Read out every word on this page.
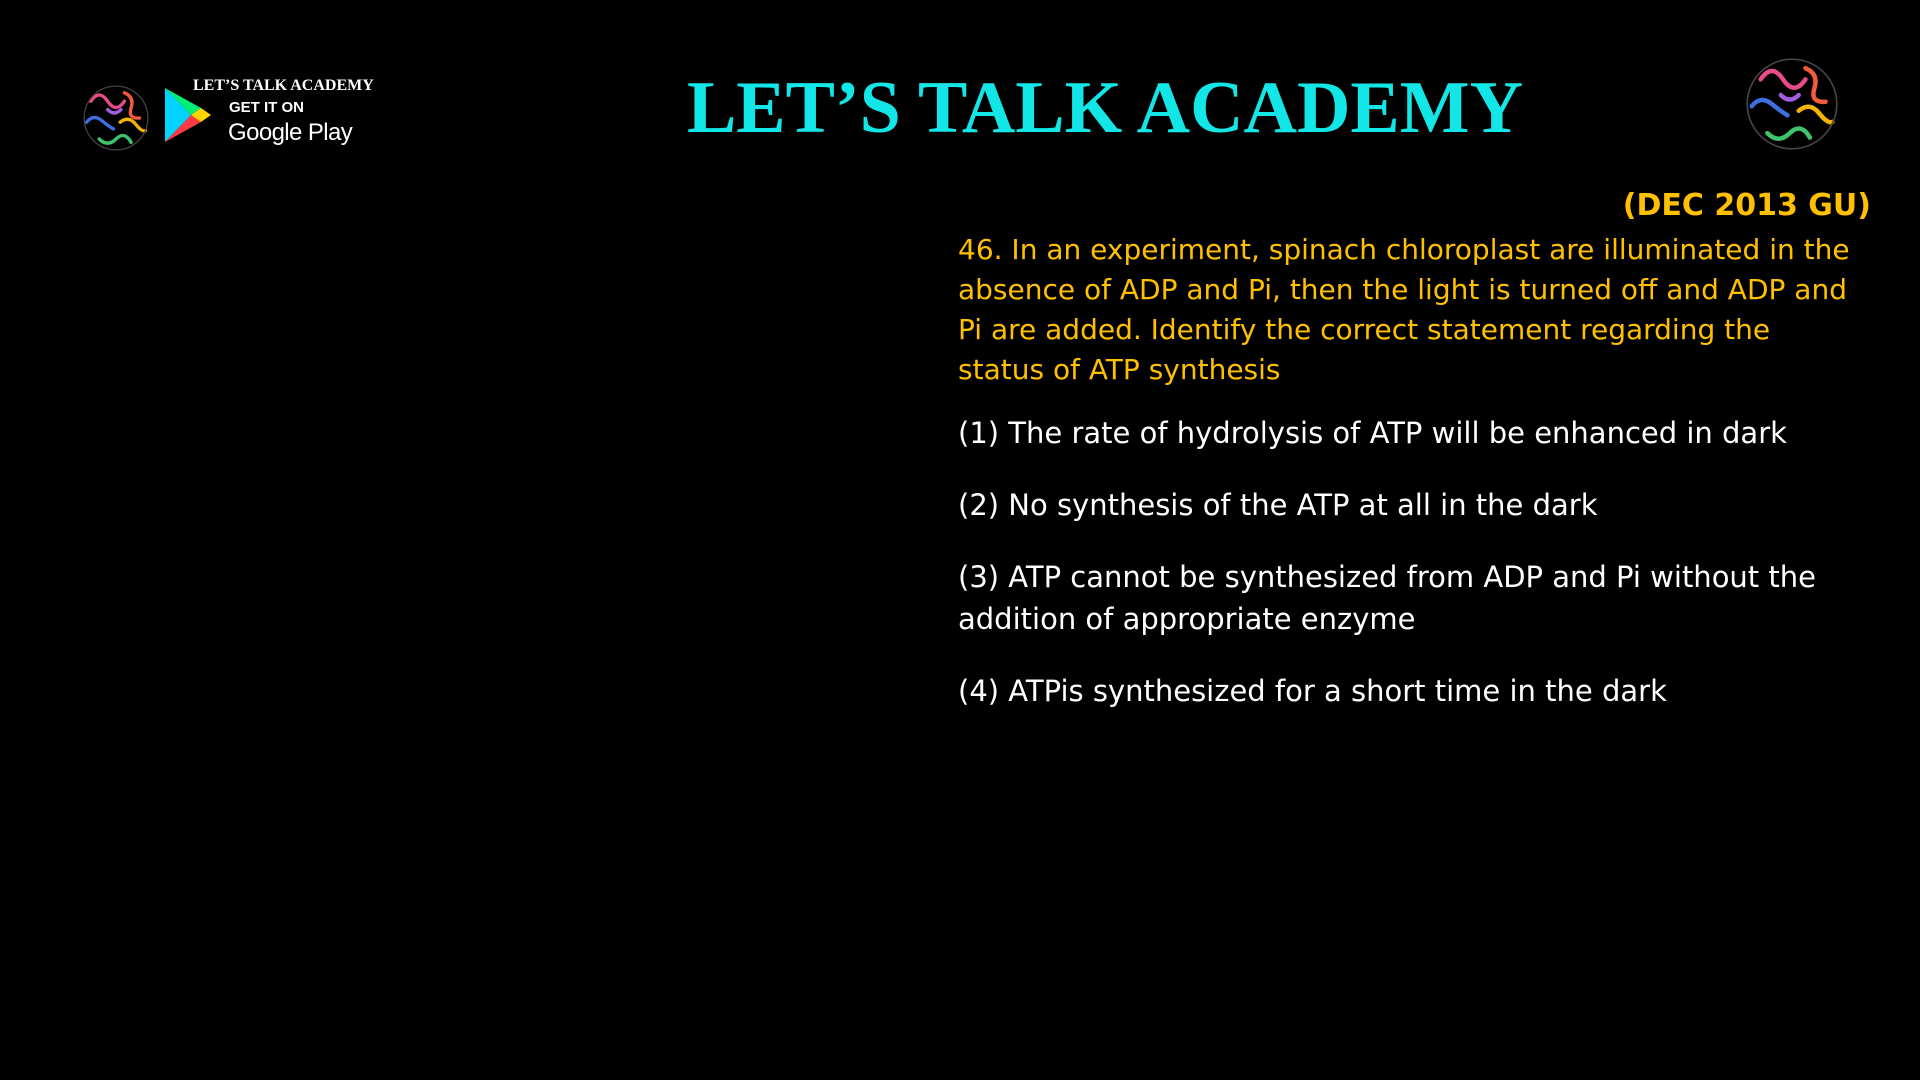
LET’S TALK ACADEMY
GET IT ON
Google Play	LET’S TALK ACADEMY
(DEC 2013 GU)
46. In an experiment, spinach chloroplast are illuminated in the absence of ADP and Pi, then the light is turned off and ADP and Pi are added. Identify the correct statement regarding the status of ATP synthesis
(1) The rate of hydrolysis of ATP will be enhanced in dark
(2) No synthesis of the ATP at all in the dark
(3) ATP cannot be synthesized from ADP and Pi without the addition of appropriate enzyme
(4) ATPis synthesized for a short time in the dark
